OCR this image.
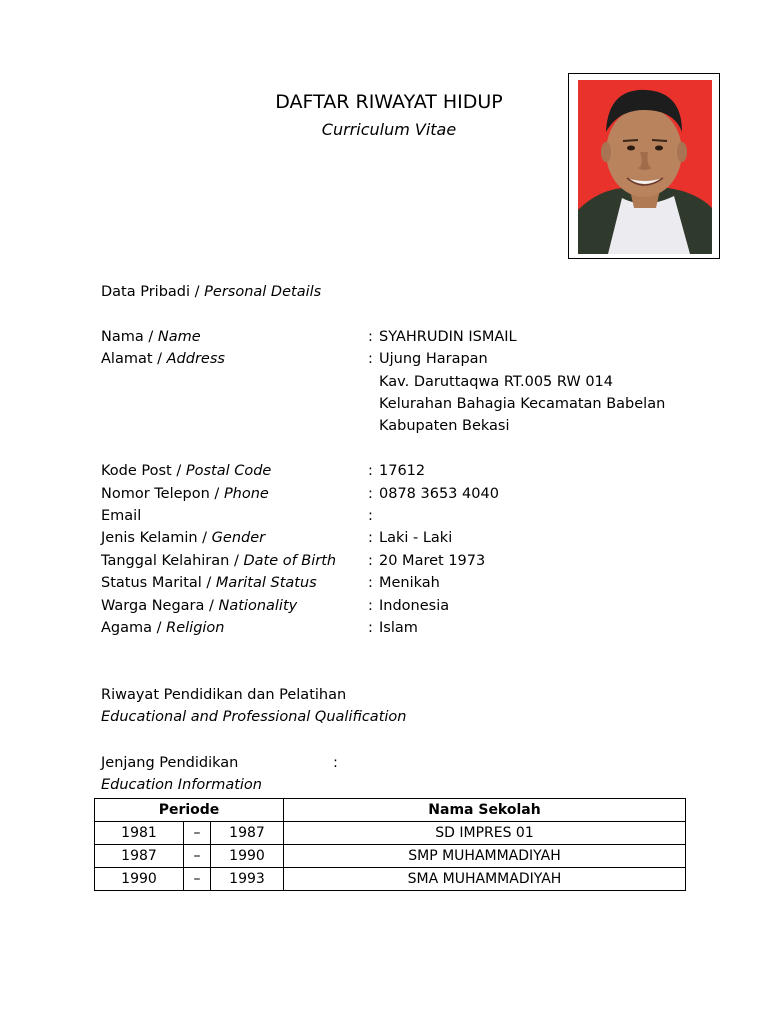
DAFTAR RIWAYAT HIDUP
Curriculum Vitae
Data Pribadi / Personal Details
Nama / Name	: SYAHRUDIN ISMAIL
Alamat / Address	: Ujung Harapan
Kav. Daruttaqwa RT.005 RW 014
Kelurahan Bahagia Kecamatan Babelan
Kabupaten Bekasi
Kode Post / Postal Code	: 17612
Nomor Telepon / Phone	: 0878 3653 4040
Email	:
Jenis Kelamin / Gender	: Laki - Laki
Tanggal Kelahiran / Date of Birth : 20 Maret 1973
Status Marital / Marital Status	: Menikah
Warga Negara / Nationality	: Indonesia
Agama / Religion	: Islam
Riwayat Pendidikan dan Pelatihan
Educational and Professional Qualification
Jenjang Pendidikan	:
Education Information
Periode			Nama Sekolah
1981	–	1987	SD IMPRES 01
1987	–	1990	SMP MUHAMMADIYAH
1990	–	1993	SMA MUHAMMADIYAH
